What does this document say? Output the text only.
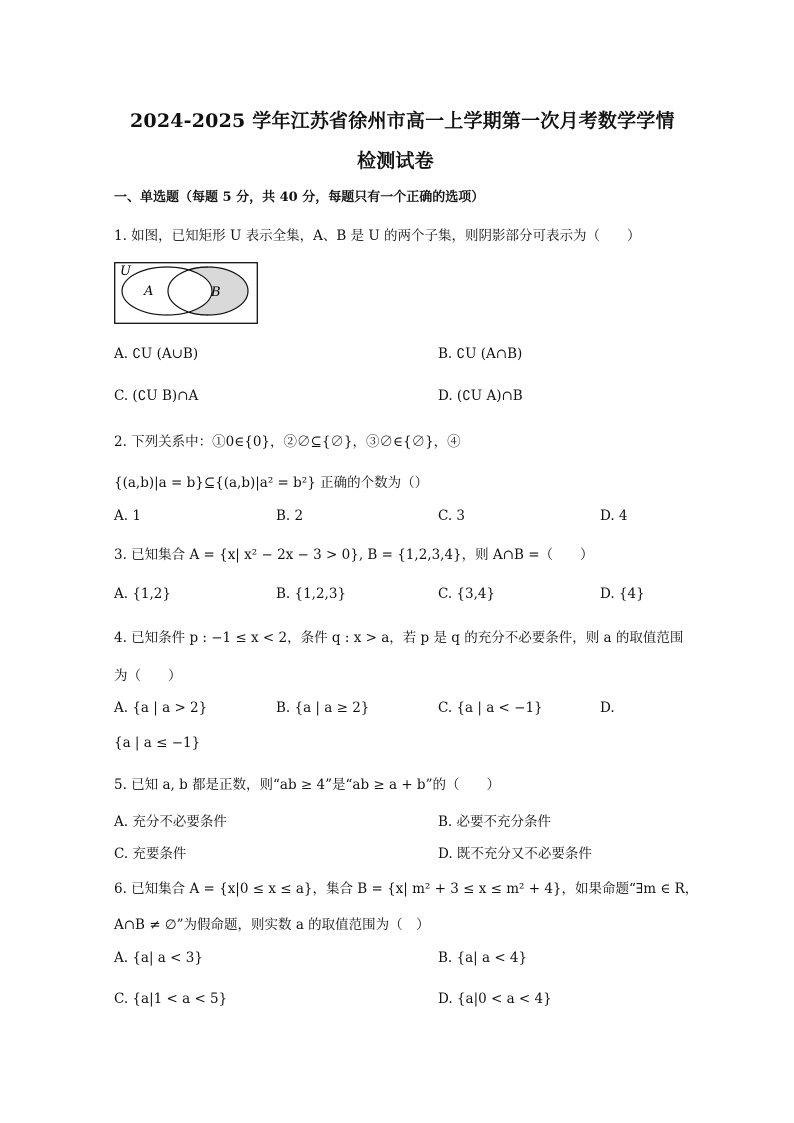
2024-2025 学年江苏省徐州市高一上学期第一次月考数学学情
检测试卷
一、单选题（每题 5 分，共 40 分，每题只有一个正确的选项）
1. 如图，已知矩形 U 表示全集，A、B 是 U 的两个子集，则阴影部分可表示为（　　）
U
A	B
A. ∁U (A∪B)	B. ∁U (A∩B)
C. (∁U B)∩A	D. (∁U A)∩B
2. 下列关系中：①0∈{0}，②∅⊆{∅}，③∅∈{∅}，④
{(a,b)|a = b}⊆{(a,b)|a² = b²} 正确的个数为（）
A. 1	B. 2	C. 3	D. 4
3. 已知集合 A = {x| x² − 2x − 3 > 0}, B = {1,2,3,4}，则 A∩B =（　　）
A. {1,2}	B. {1,2,3}	C. {3,4}	D. {4}
4. 已知条件 p : −1 ≤ x < 2，条件 q : x > a，若 p 是 q 的充分不必要条件，则 a 的取值范围
为（　　）
A. {a | a > 2}	B. {a | a ≥ 2}	C. {a | a < −1}	D.
{a | a ≤ −1}
5. 已知 a, b 都是正数，则“ab ≥ 4”是“ab ≥ a + b”的（　　）
A. 充分不必要条件	B. 必要不充分条件
C. 充要条件	D. 既不充分又不必要条件
6. 已知集合 A = {x|0 ≤ x ≤ a}，集合 B = {x| m² + 3 ≤ x ≤ m² + 4}，如果命题“∃m ∈ R，
A∩B ≠ ∅”为假命题，则实数 a 的取值范围为（　）
A. {a| a < 3}	B. {a| a < 4}
C. {a|1 < a < 5}	D. {a|0 < a < 4}
